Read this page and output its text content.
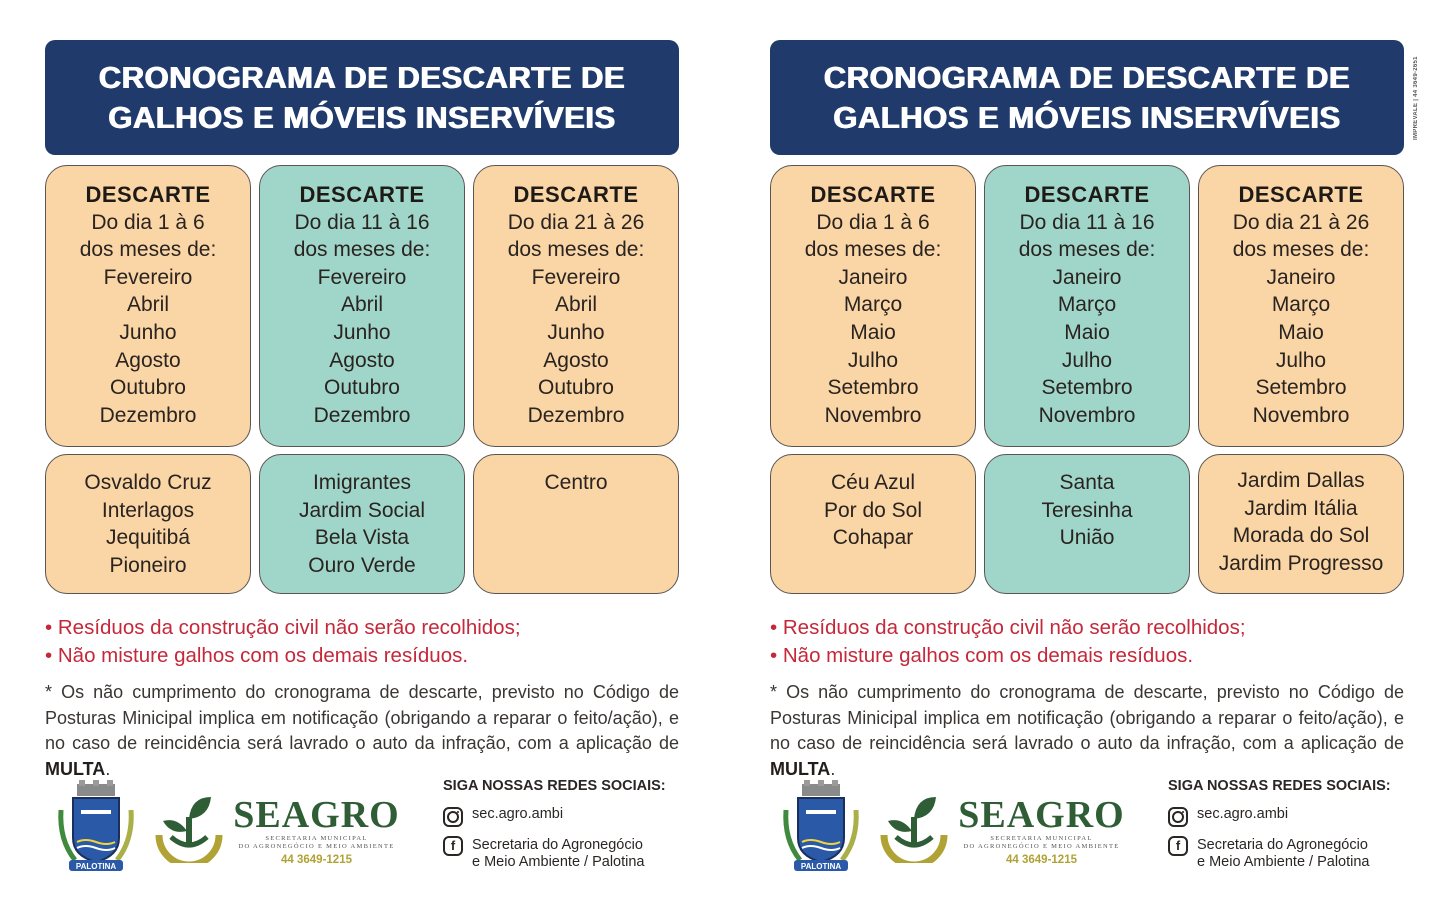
CRONOGRAMA DE DESCARTE DE
GALHOS E MÓVEIS INSERVÍVEIS
DESCARTE
Do dia 1 à 6
dos meses de:
Fevereiro
Abril
Junho
Agosto
Outubro
Dezembro
DESCARTE
Do dia 11 à 16
dos meses de:
Fevereiro
Abril
Junho
Agosto
Outubro
Dezembro
DESCARTE
Do dia 21 à 26
dos meses de:
Fevereiro
Abril
Junho
Agosto
Outubro
Dezembro
Osvaldo Cruz
Interlagos
Jequitibá
Pioneiro
Imigrantes
Jardim Social
Bela Vista
Ouro Verde
Centro
• Resíduos da construção civil não serão recolhidos;
• Não misture galhos com os demais resíduos.
* Os não cumprimento do cronograma de descarte, previsto no Código de Posturas Minicipal implica em notificação (obrigando a reparar o feito/ação), e no caso de reincidência será lavrado o auto da infração, com a aplicação de MULTA.
CRONOGRAMA DE DESCARTE DE
GALHOS E MÓVEIS INSERVÍVEIS
DESCARTE
Do dia 1 à 6
dos meses de:
Janeiro
Março
Maio
Julho
Setembro
Novembro
DESCARTE
Do dia 11 à 16
dos meses de:
Janeiro
Março
Maio
Julho
Setembro
Novembro
DESCARTE
Do dia 21 à 26
dos meses de:
Janeiro
Março
Maio
Julho
Setembro
Novembro
Céu Azul
Por do Sol
Cohapar
Santa
Teresinha
União
Jardim Dallas
Jardim Itália
Morada do Sol
Jardim Progresso
• Resíduos da construção civil não serão recolhidos;
• Não misture galhos com os demais resíduos.
* Os não cumprimento do cronograma de descarte, previsto no Código de Posturas Minicipal implica em notificação (obrigando a reparar o feito/ação), e no caso de reincidência será lavrado o auto da infração, com a aplicação de MULTA.
PALOTINA
SEAGRO
SECRETARIA MUNICIPAL
DO AGRONEGÓCIO E MEIO AMBIENTE
44 3649-1215
SIGA NOSSAS REDES SOCIAIS:
sec.agro.ambi
f	Secretaria do Agronegócio
e Meio Ambiente / Palotina	PALOTINA
SEAGRO
SECRETARIA MUNICIPAL
DO AGRONEGÓCIO E MEIO AMBIENTE
44 3649-1215
SIGA NOSSAS REDES SOCIAIS:
sec.agro.ambi
f	Secretaria do Agronegócio
e Meio Ambiente / Palotina
IMPREVALE | 44 3649-2651
